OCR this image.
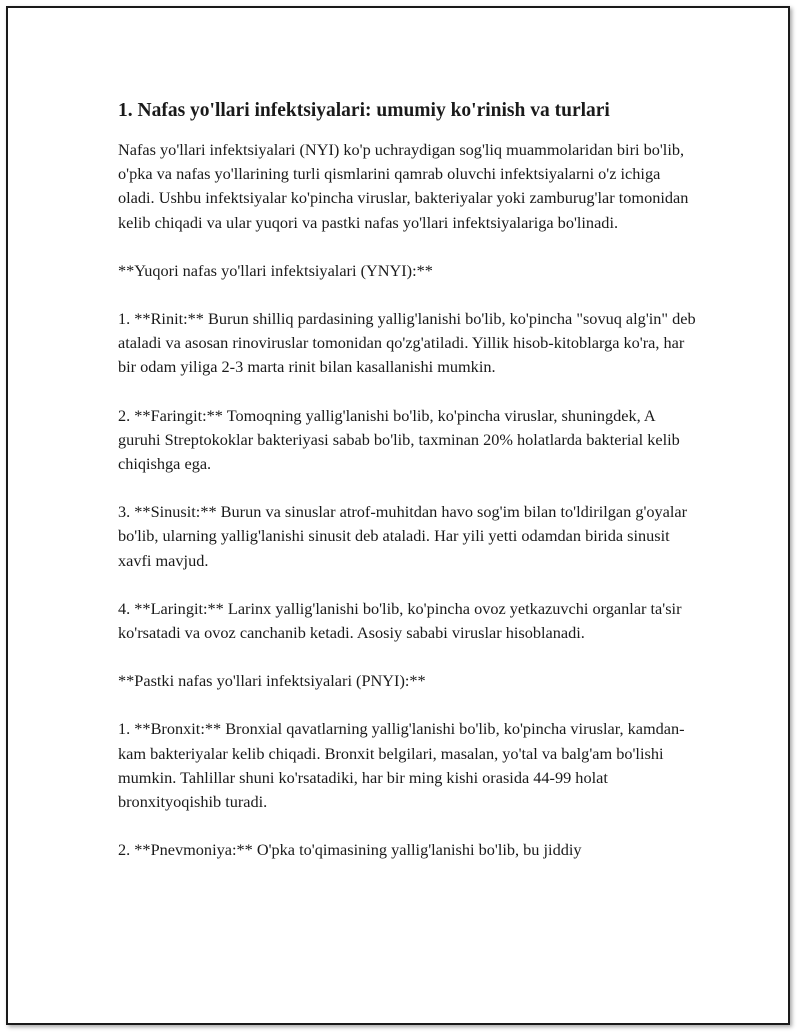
1. Nafas yo'llari infektsiyalari: umumiy ko'rinish va turlari

Nafas yo'llari infektsiyalari (NYI) ko'p uchraydigan sog'liq muammolaridan biri bo'lib, o'pka va nafas yo'llarining turli qismlarini qamrab oluvchi infektsiyalarni o'z ichiga oladi. Ushbu infektsiyalar ko'pincha viruslar, bakteriyalar yoki zamburug'lar tomonidan kelib chiqadi va ular yuqori va pastki nafas yo'llari infektsiyalariga bo'linadi.

**Yuqori nafas yo'llari infektsiyalari (YNYI):**

1. **Rinit:** Burun shilliq pardasining yallig'lanishi bo'lib, ko'pincha "sovuq alg'in" deb ataladi va asosan rinoviruslar tomonidan qo'zg'atiladi. Yillik hisob-kitoblarga ko'ra, har bir odam yiliga 2-3 marta rinit bilan kasallanishi mumkin.

2. **Faringit:** Tomoqning yallig'lanishi bo'lib, ko'pincha viruslar, shuningdek, A guruhi Streptokoklar bakteriyasi sabab bo'lib, taxminan 20% holatlarda bakterial kelib chiqishga ega.

3. **Sinusit:** Burun va sinuslar atrof-muhitdan havo sog'im bilan to'ldirilgan g'oyalar bo'lib, ularning yallig'lanishi sinusit deb ataladi. Har yili yetti odamdan birida sinusit xavfi mavjud.

4. **Laringit:** Larinx yallig'lanishi bo'lib, ko'pincha ovoz yetkazuvchi organlar ta'sir ko'rsatadi va ovoz canchanib ketadi. Asosiy sababi viruslar hisoblanadi.

**Pastki nafas yo'llari infektsiyalari (PNYI):**

1. **Bronxit:** Bronxial qavatlarning yallig'lanishi bo'lib, ko'pincha viruslar, kamdan-kam bakteriyalar kelib chiqadi. Bronxit belgilari, masalan, yo'tal va balg'am bo'lishi mumkin. Tahlillar shuni ko'rsatadiki, har bir ming kishi orasida 44-99 holat bronxityoqishib turadi.

2. **Pnevmoniya:** O'pka to'qimasining yallig'lanishi bo'lib, bu jiddiy
